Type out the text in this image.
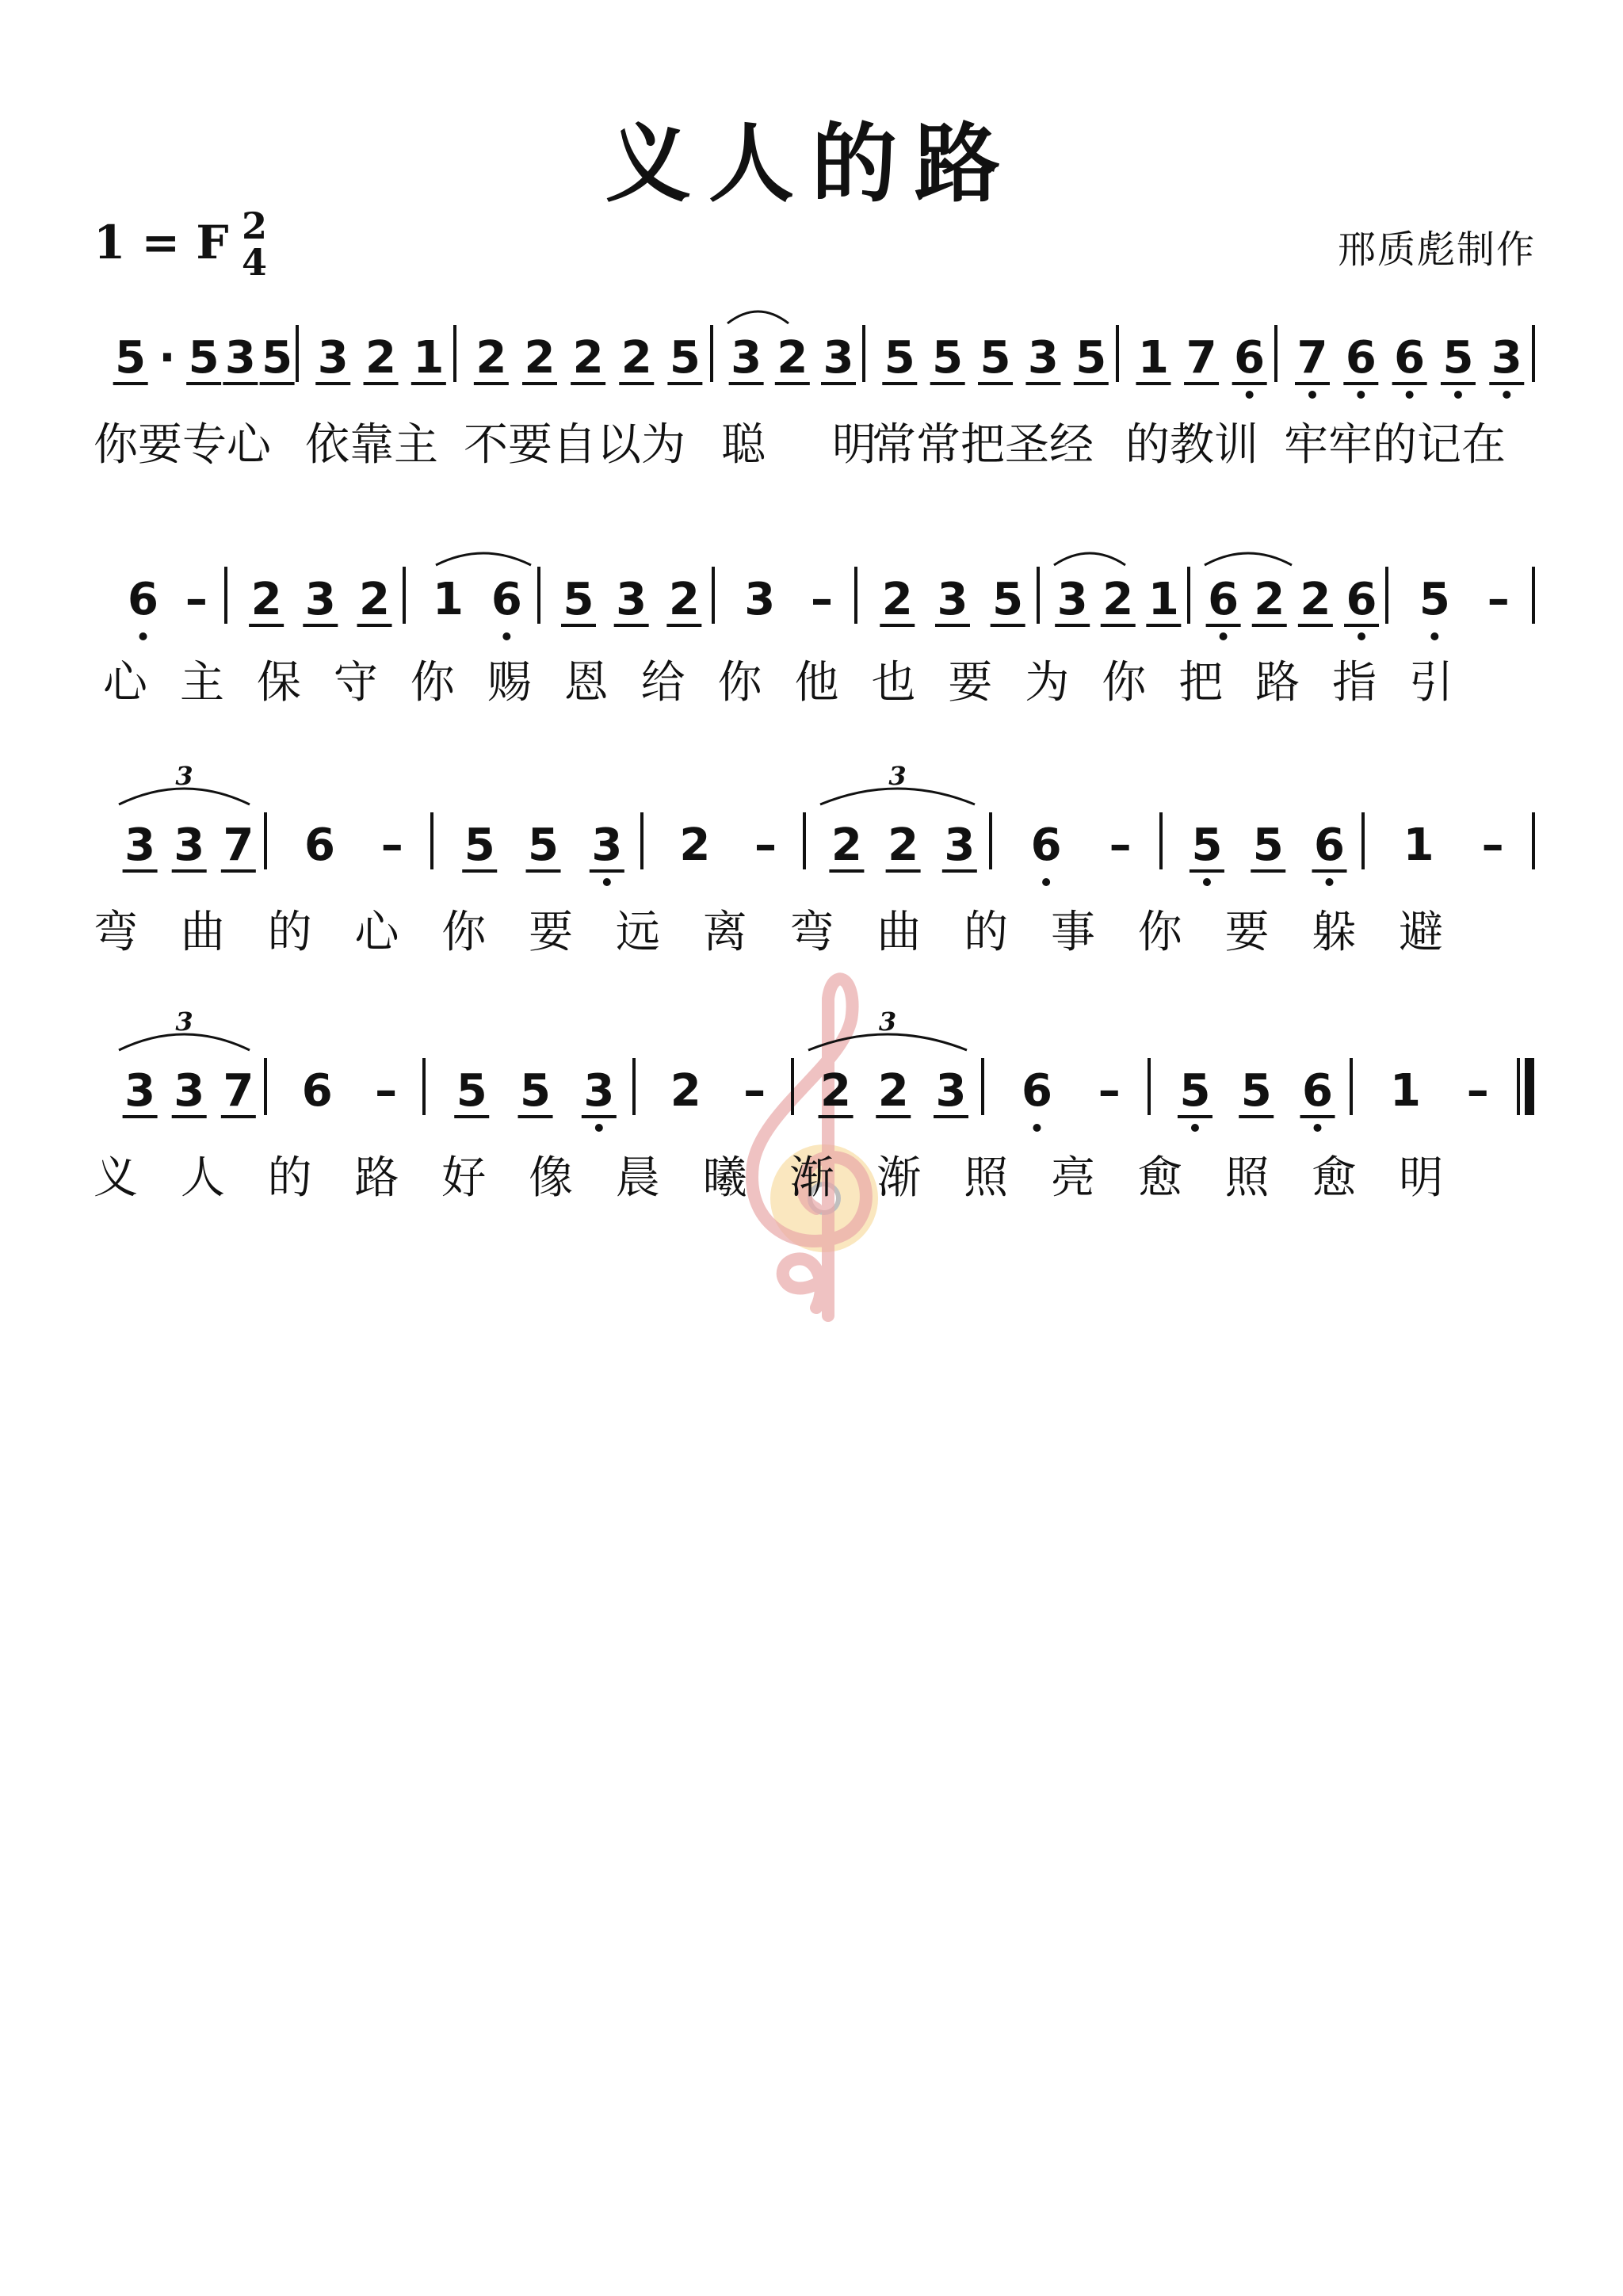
义人的路
1 = F 2
4	邢质彪制作
5 · 5 3 5 3 2 1 2 2 2 2 5 3 2 3 5 5 5 3 5 1 7 6 7 6 6 5 3
你要专心 依靠主 不要自以为 聪 明
常常把圣经 的教训 牢牢的记在
6 – 2 3 2 1 6 5 3 2 3 – 2 3 5 3 2 1 6 2 2 6 5 –
心 主 保 守 你 赐 恩 给 你 他 也 要 为 你 把 路 指 引
3 3 7 6 – 5 5 3 2 – 2 2 3 6 – 5 5 6 1 –
3	3
弯 曲 的 心 你 要 远 离 弯 曲 的 事 你 要 躲 避
3 3 7 6 – 5 5 3 2 – 2 2 3 6 – 5 5 6 1 –
3	3
义 人 的 路 好 像 晨 曦 渐 渐 照 亮 愈 照 愈 明
